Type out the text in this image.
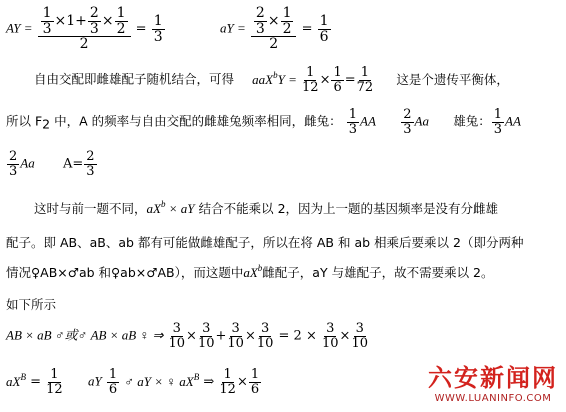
AY = $\frac{\frac{1}{3} \times 1+ \frac{2}{3} \times \frac{1}{2}}{2} = \frac{1}{3}$	aY = $\frac{\frac{2}{3} \times \frac{1}{2}}{2} = \frac{1}{6}$
自由交配即雌雄配子随机结合，可得 $aaX^bY = \frac{1}{12} \times \frac{1}{6} = \frac{1}{72}$ 这是个遗传平衡体，
所以 $F_2$ 中，A 的频率与自由交配的雌雄兔频率相同，雌兔： $\frac{1}{3}$ AA $\frac{2}{3}$ Aa 雄兔： $\frac{1}{3}$ AA
$\frac{2}{3}$ Aa $A= \frac{2}{3}$
这时与前一题不同，$aX^b$ × aY 结合不能乘以 2，因为上一题的基因频率是没有分雌雄
配子。即 AB、aB、ab 都有可能做雌雄配子，所以在将 AB 和 ab 相乘后要乘以 2（即分两种
情况♀AB×♂ab 和♀ab×♂AB），而这题中$aX^b$雌配子，aY 与雄配子，故不需要乘以 2。
如下所示
AB × aB ♂或♂ AB × aB ♀ ⇒ $\frac{3}{10} \times \frac{3}{10} + \frac{3}{10} \times \frac{3}{10} = 2 \times \frac{3}{10} \times \frac{3}{10}$
$aX^B = \frac{1}{12}$ aY $\frac{1}{6}$ ♂ aY × ♀ $aX^B$ ⇒ $\frac{1}{12} \times \frac{1}{6}$	六安新闻网
WWW.LUANINFO.COM
